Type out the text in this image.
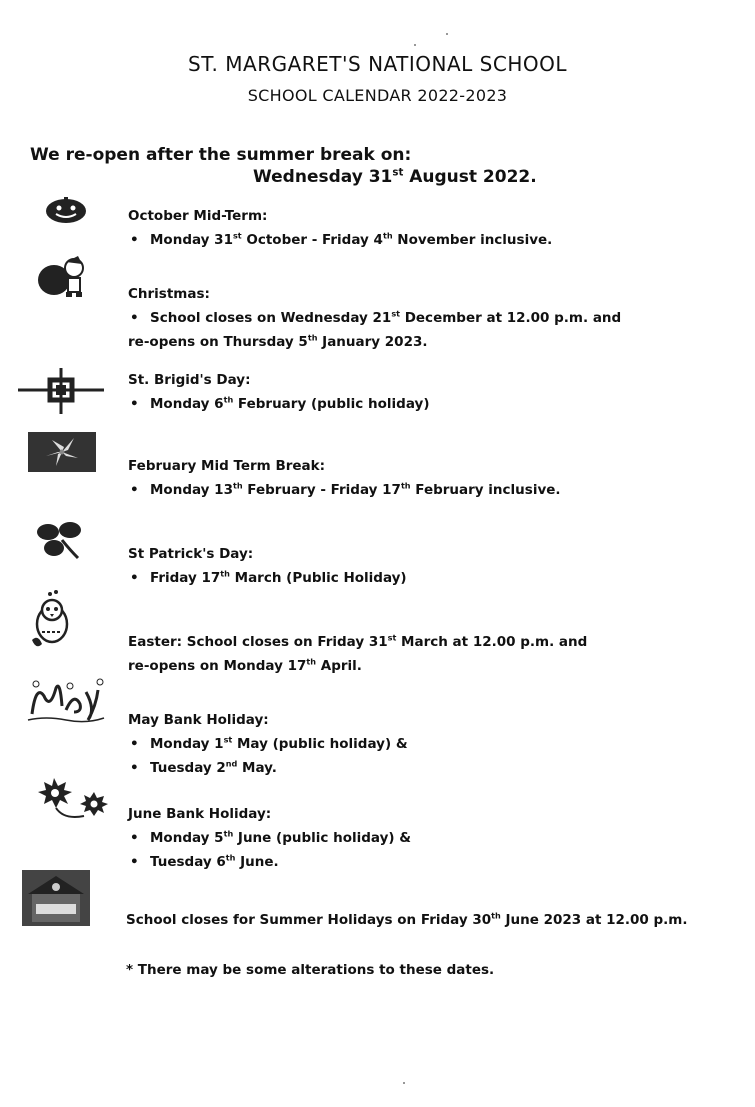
ST. MARGARET'S NATIONAL SCHOOL
SCHOOL CALENDAR 2022-2023
We re-open after the summer break on:
Wednesday 31st August 2022.
October Mid-Term:
• Monday 31st October - Friday 4th November inclusive.
Christmas:
• School closes on Wednesday 21st December at 12.00 p.m. and
re-opens on Thursday 5th January 2023.
St. Brigid's Day:
• Monday 6th February (public holiday)
February Mid Term Break:
• Monday 13th February - Friday 17th February inclusive.
St Patrick's Day:
• Friday 17th March (Public Holiday)
Easter: School closes on Friday 31st March at 12.00 p.m. and
re-opens on Monday 17th April.
May Bank Holiday:
• Monday 1st May (public holiday) &
• Tuesday 2nd May.
June Bank Holiday:
• Monday 5th June (public holiday) &
• Tuesday 6th June.
School closes for Summer Holidays on Friday 30th June 2023 at 12.00 p.m.
* There may be some alterations to these dates.
